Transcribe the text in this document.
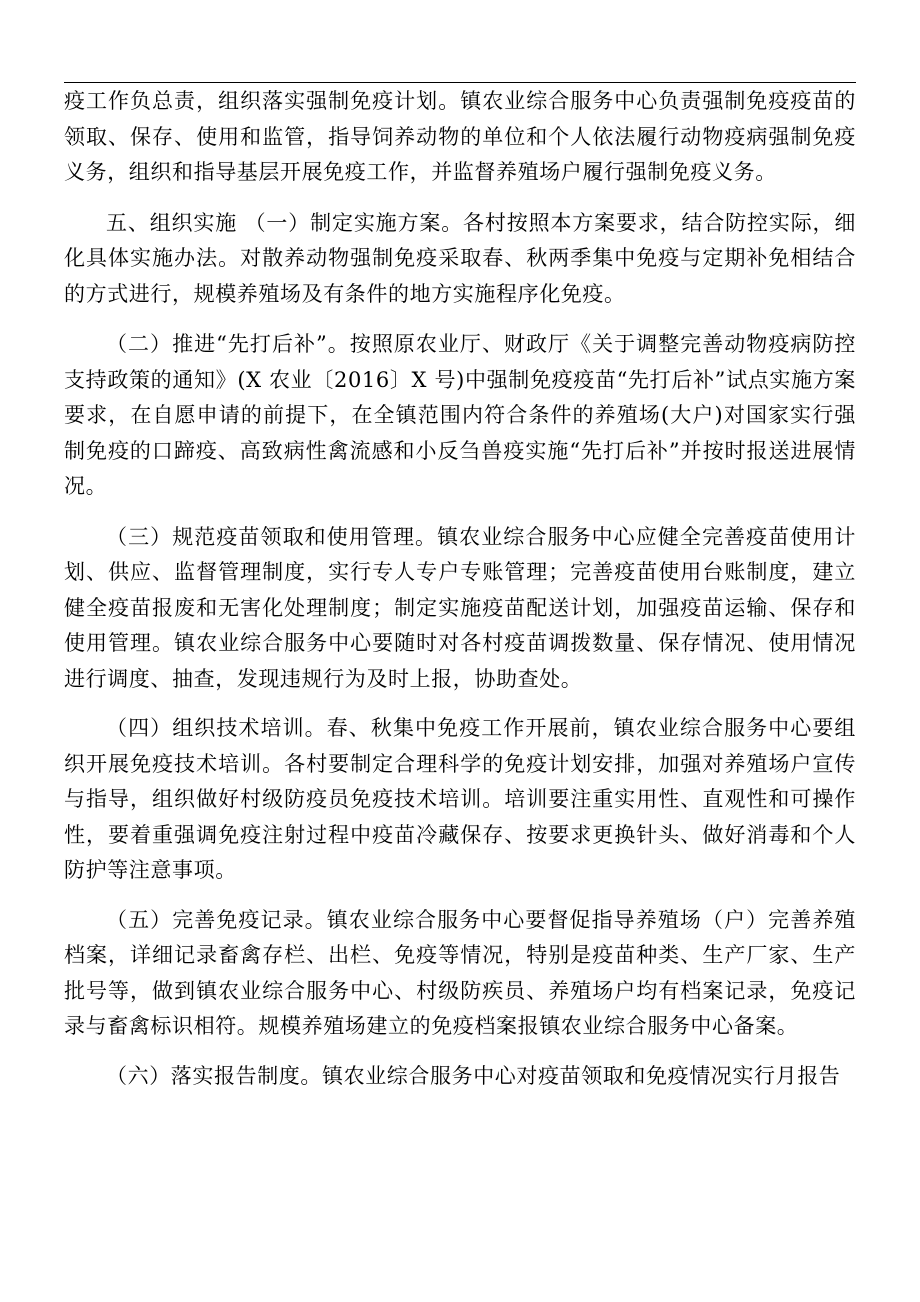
疫工作负总责，组织落实强制免疫计划。镇农业综合服务中心负责强制免疫疫苗的领取、保存、使用和监管，指导饲养动物的单位和个人依法履行动物疫病强制免疫义务，组织和指导基层开展免疫工作，并监督养殖场户履行强制免疫义务。

五、组织实施 （一）制定实施方案。各村按照本方案要求，结合防控实际，细化具体实施办法。对散养动物强制免疫采取春、秋两季集中免疫与定期补免相结合的方式进行，规模养殖场及有条件的地方实施程序化免疫。

（二）推进“先打后补”。按照原农业厅、财政厅《关于调整完善动物疫病防控支持政策的通知》(X 农业〔2016〕X 号)中强制免疫疫苗“先打后补”试点实施方案要求，在自愿申请的前提下，在全镇范围内符合条件的养殖场(大户)对国家实行强制免疫的口蹄疫、高致病性禽流感和小反刍兽疫实施“先打后补”并按时报送进展情况。

（三）规范疫苗领取和使用管理。镇农业综合服务中心应健全完善疫苗使用计划、供应、监督管理制度，实行专人专户专账管理；完善疫苗使用台账制度，建立健全疫苗报废和无害化处理制度；制定实施疫苗配送计划，加强疫苗运输、保存和使用管理。镇农业综合服务中心要随时对各村疫苗调拨数量、保存情况、使用情况进行调度、抽查，发现违规行为及时上报，协助查处。

（四）组织技术培训。春、秋集中免疫工作开展前，镇农业综合服务中心要组织开展免疫技术培训。各村要制定合理科学的免疫计划安排，加强对养殖场户宣传与指导，组织做好村级防疫员免疫技术培训。培训要注重实用性、直观性和可操作性，要着重强调免疫注射过程中疫苗冷藏保存、按要求更换针头、做好消毒和个人防护等注意事项。

（五）完善免疫记录。镇农业综合服务中心要督促指导养殖场（户）完善养殖档案，详细记录畜禽存栏、出栏、免疫等情况，特别是疫苗种类、生产厂家、生产批号等，做到镇农业综合服务中心、村级防疾员、养殖场户均有档案记录，免疫记录与畜禽标识相符。规模养殖场建立的免疫档案报镇农业综合服务中心备案。

（六）落实报告制度。镇农业综合服务中心对疫苗领取和免疫情况实行月报告
